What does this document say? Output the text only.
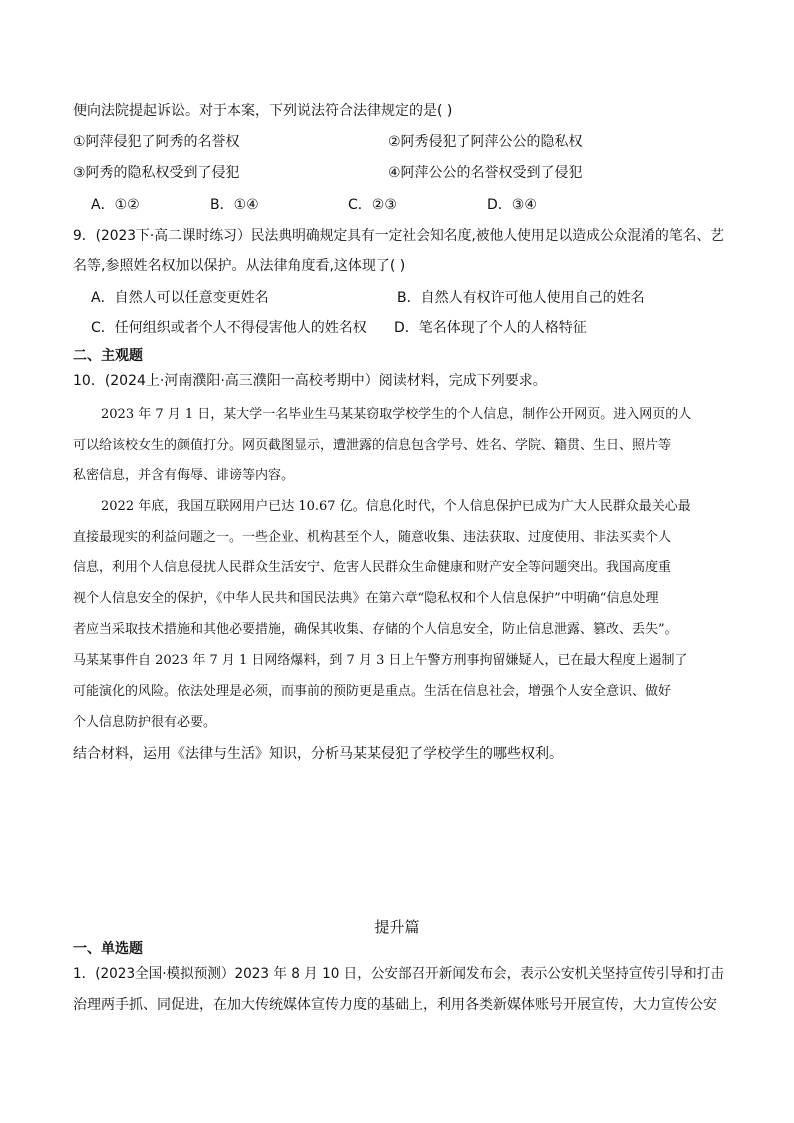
便向法院提起诉讼。对于本案，下列说法符合法律规定的是( )
①阿萍侵犯了阿秀的名誉权	②阿秀侵犯了阿萍公公的隐私权
③阿秀的隐私权受到了侵犯	④阿萍公公的名誉权受到了侵犯
A．①②	B．①④	C．②③	D．③④
9．(2023下·高二课时练习）民法典明确规定具有一定社会知名度,被他人使用足以造成公众混淆的笔名、艺
名等,参照姓名权加以保护。从法律角度看,这体现了( )
A．自然人可以任意变更姓名	B．自然人有权许可他人使用自己的姓名
C．任何组织或者个人不得侵害他人的姓名权 D．笔名体现了个人的人格特征
二、主观题
10．(2024上·河南濮阳·高三濮阳一高校考期中）阅读材料，完成下列要求。
2023 年 7 月 1 日，某大学一名毕业生马某某窃取学校学生的个人信息，制作公开网页。进入网页的人
可以给该校女生的颜值打分。网页截图显示，遭泄露的信息包含学号、姓名、学院、籍贯、生日、照片等
私密信息，并含有侮辱、诽谤等内容。
2022 年底，我国互联网用户已达 10.67 亿。信息化时代，个人信息保护已成为广大人民群众最关心最
直接最现实的利益问题之一。一些企业、机构甚至个人，随意收集、违法获取、过度使用、非法买卖个人
信息，利用个人信息侵扰人民群众生活安宁、危害人民群众生命健康和财产安全等问题突出。我国高度重
视个人信息安全的保护，《中华人民共和国民法典》在第六章“隐私权和个人信息保护”中明确“信息处理
者应当采取技术措施和其他必要措施，确保其收集、存储的个人信息安全，防止信息泄露、篡改、丢失”。
马某某事件自 2023 年 7 月 1 日网络爆料，到 7 月 3 日上午警方刑事拘留嫌疑人，已在最大程度上遏制了
可能演化的风险。依法处理是必须，而事前的预防更是重点。生活在信息社会，增强个人安全意识、做好
个人信息防护很有必要。
结合材料，运用《法律与生活》知识，分析马某某侵犯了学校学生的哪些权利。
提升篇
一、单选题
1．(2023全国·模拟预测）2023 年 8 月 10 日，公安部召开新闻发布会，表示公安机关坚持宣传引导和打击
治理两手抓、同促进，在加大传统媒体宣传力度的基础上，利用各类新媒体账号开展宣传，大力宣传公安
